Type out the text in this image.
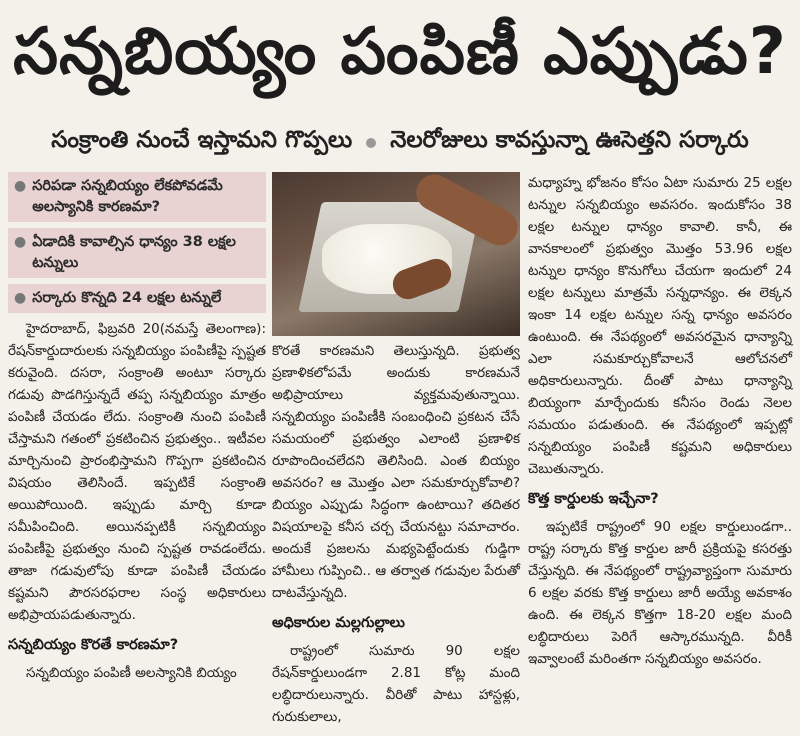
సన్నబియ్యం పంపిణీ ఎప్పుడు?
సంక్రాంతి నుంచే ఇస్తామని గొప్పలు నెలరోజులు కావస్తున్నా ఊసెత్తని సర్కారు
● సరిపడా సన్నబియ్యం లేకపోవడమే అలస్యానికి కారణమా?
● ఏడాదికి కావాల్సిన ధాన్యం 38 లక్షల టన్నులు
● సర్కారు కొన్నది 24 లక్షల టన్నులే

హైదరాబాద్, ఫిబ్రవరి 20(నమస్తే తెలంగాణ): రేషన్‌కార్డుదారులకు సన్నబియ్యం పంపిణీపై స్పష్టత కరువైంది. దసరా, సంక్రాంతి అంటూ సర్కారు గడువు పొడగిస్తున్నదే తప్ప సన్నబియ్యం మాత్రం పంపిణీ చేయడం లేదు. సంక్రాంతి నుంచి పంపిణీ చేస్తామని గతంలో ప్రకటించిన ప్రభుత్వం.. ఇటీవల మార్చినుంచి ప్రారంభిస్తామని గొప్పగా ప్రకటించిన విషయం తెలిసిందే. ఇప్పటికే సంక్రాంతి అయిపోయింది. ఇప్పుడు మార్చి కూడా సమీపించింది. అయినప్పటికీ సన్నబియ్యం పంపిణీపై ప్రభుత్వం నుంచి స్పష్టత రావడంలేదు. తాజా గడువులోపు కూడా పంపిణీ చేయడం కష్టమని పౌరసరఫరాల సంస్థ అధికారులు అభిప్రాయపడుతున్నారు.

సన్నబియ్యం కొరతే కారణమా?

సన్నబియ్యం పంపిణీ అలస్యానికి బియ్యం

కొరతే కారణమని తెలుస్తున్నది. ప్రభుత్వ ప్రణాళికలోపమే అందుకు కారణమనే అభిప్రాయాలు వ్యక్తమవుతున్నాయి. సన్నబియ్యం పంపిణీకి సంబంధించి ప్రకటన చేసే సమయంలో ప్రభుత్వం ఎలాంటి ప్రణాళిక రూపొందించలేదని తెలిసింది. ఎంత బియ్యం అవసరం? ఆ మొత్తం ఎలా సమకూర్చుకోవాలి? బియ్యం ఎప్పుడు సిద్ధంగా ఉంటాయి? తదితర విషయాలపై కనీస చర్చ చేయనట్టు సమాచారం. అందుకే ప్రజలను మభ్యపెట్టేందుకు గుడ్డిగా హామీలు గుప్పించి.. ఆ తర్వాత గడువుల పేరుతో దాటవేస్తున్నది.

అధికారుల మల్లగుల్లాలు

రాష్ట్రంలో సుమారు 90 లక్షల రేషన్‌కార్డులుండగా 2.81 కోట్ల మంది లబ్ధిదారులున్నారు. వీరితో పాటు హాస్టళ్లు, గురుకులాలు,

మధ్యాహ్న భోజనం కోసం ఏటా సుమారు 25 లక్షల టన్నుల సన్నబియ్యం అవసరం. ఇందుకోసం 38 లక్షల టన్నుల ధాన్యం కావాలి. కానీ, ఈ వానకాలంలో ప్రభుత్వం మొత్తం 53.96 లక్షల టన్నుల ధాన్యం కొనుగోలు చేయగా ఇందులో 24 లక్షల టన్నులు మాత్రమే సన్నధాన్యం. ఈ లెక్కన ఇంకా 14 లక్షల టన్నుల సన్న ధాన్యం అవసరం ఉంటుంది. ఈ నేపథ్యంలో అవసరమైన ధాన్యాన్ని ఎలా సమకూర్చుకోవాలనే ఆలోచనలో అధికారులున్నారు. దీంతో పాటు ధాన్యాన్ని బియ్యంగా మార్చేందుకు కనీసం రెండు నెలల సమయం పడుతుంది. ఈ నేపథ్యంలో ఇప్పట్లో సన్నబియ్యం పంపిణీ కష్టమని అధికారులు చెబుతున్నారు.

కొత్త కార్డులకు ఇచ్చేనా?

ఇప్పటికే రాష్ట్రంలో 90 లక్షల కార్డులుండగా.. రాష్ట్ర సర్కారు కొత్త కార్డుల జారీ ప్రక్రియపై కసరత్తు చేస్తున్నది. ఈ నేపథ్యంలో రాష్ట్రవ్యాప్తంగా సుమారు 6 లక్షల వరకు కొత్త కార్డులు జారీ అయ్యే అవకాశం ఉంది. ఈ లెక్కన కొత్తగా 18-20 లక్షల మంది లబ్ధిదారులు పెరిగే ఆస్కారమున్నది. వీరికీ ఇవ్వాలంటే మరింతగా సన్నబియ్యం అవసరం.
